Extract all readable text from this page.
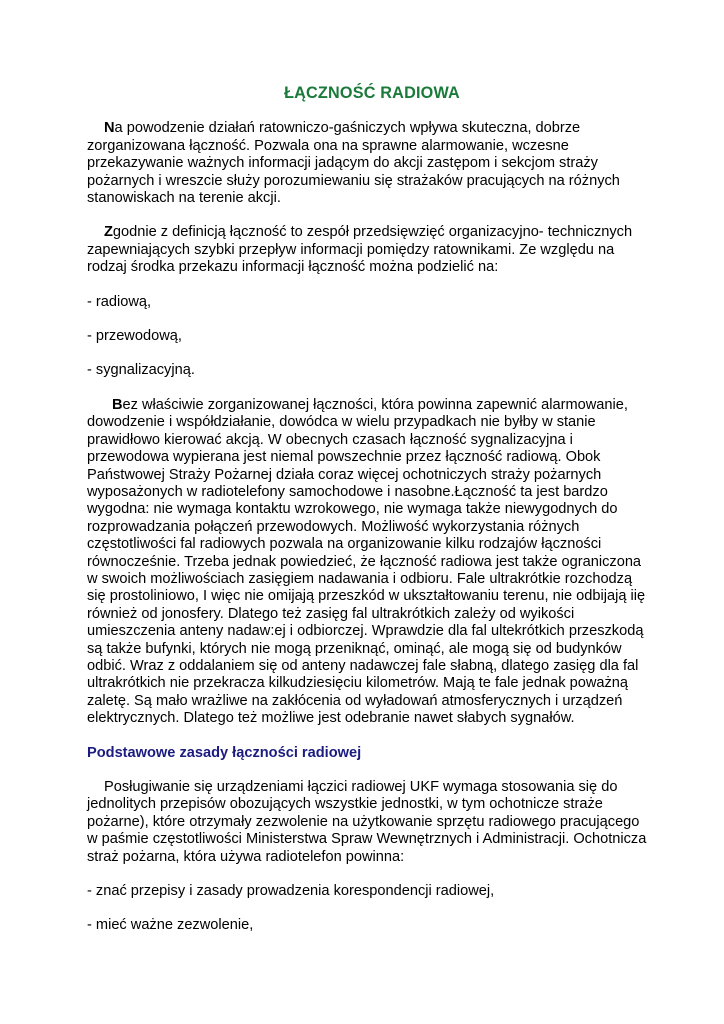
ŁĄCZNOŚĆ RADIOWA

Na powodzenie działań ratowniczo-gaśniczych wpływa skuteczna, dobrze zorganizowana łączność. Pozwala ona na sprawne alarmowanie, wczesne przekazywanie ważnych informacji jadącym do akcji zastępom i sekcjom straży pożarnych i wreszcie służy porozumiewaniu się strażaków pracujących na różnych stanowiskach na terenie akcji.

Zgodnie z definicją łączność to zespół przedsięwzięć organizacyjno- technicznych zapewniających szybki przepływ informacji pomiędzy ratownikami. Ze względu na rodzaj środka przekazu informacji łączność można podzielić na:

- radiową,

- przewodową,

- sygnalizacyjną.

Bez właściwie zorganizowanej łączności, która powinna zapewnić alarmowanie, dowodzenie i współdziałanie, dowódca w wielu przypadkach nie byłby w stanie prawidłowo kierować akcją. W obecnych czasach łączność sygnalizacyjna i przewodowa wypierana jest niemal powszechnie przez łączność radiową. Obok Państwowej Straży Pożarnej działa coraz więcej ochotniczych straży pożarnych wyposażonych w radiotelefony samochodowe i nasobne.Łączność ta jest bardzo wygodna: nie wymaga kontaktu wzrokowego, nie wymaga także niewygodnych do rozprowadzania połączeń przewodowych. Możliwość wykorzystania różnych częstotliwości fal radiowych pozwala na organizowanie kilku rodzajów łączności równocześnie. Trzeba jednak powiedzieć, że łączność radiowa jest także ograniczona w swoich możliwościach zasięgiem nadawania i odbioru. Fale ultrakrótkie rozchodzą się prostoliniowo, I więc nie omijają przeszkód w ukształtowaniu terenu, nie odbijają iię również od jonosfery. Dlatego też zasięg fal ultrakrótkich zależy od wyikości umieszczenia anteny nadaw:ej i odbiorczej. Wprawdzie dla fal ultekrótkich przeszkodą są także bufynki, których nie mogą przeniknąć, ominąć, ale mogą się od budynków odbić. Wraz z oddalaniem się od anteny nadawczej fale słabną, dlatego zasięg dla fal ultrakrótkich nie przekracza kilkudziesięciu kilometrów. Mają te fale jednak poważną zaletę. Są mało wrażliwe na zakłócenia od wyładowań atmosferycznych i urządzeń elektrycznych. Dlatego też możliwe jest odebranie nawet słabych sygnałów.

Podstawowe zasady łączności radiowej

Posługiwanie się urządzeniami łączici radiowej UKF wymaga stosowania się do jednolitych przepisów obozujących wszystkie jednostki, w tym ochotnicze straże pożarne), które otrzymały zezwolenie na użytkowanie sprzętu radiowego pracującego w paśmie częstotliwości Ministerstwa Spraw Wewnętrznych i Administracji. Ochotnicza straż pożarna, która używa radiotelefon powinna:

- znać przepisy i zasady prowadzenia korespondencji radiowej,

- mieć ważne zezwolenie,
